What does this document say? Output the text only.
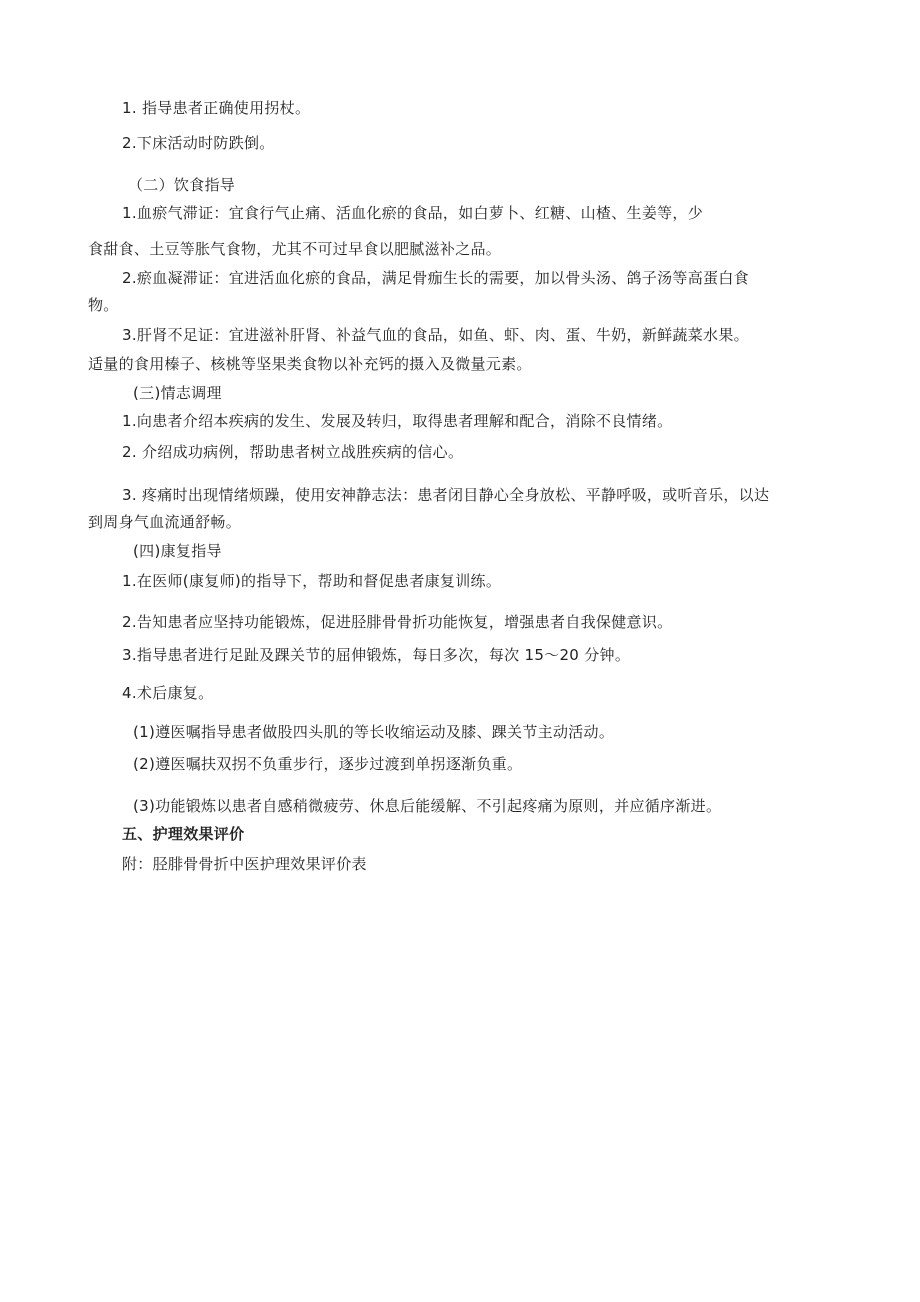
1. 指导患者正确使用拐杖。
2.下床活动时防跌倒。
（二）饮食指导
1.血瘀气滞证：宜食行气止痛、活血化瘀的食品，如白萝卜、红糖、山楂、生姜等，少
食甜食、土豆等胀气食物，尤其不可过早食以肥腻滋补之品。
2.瘀血凝滞证：宜进活血化瘀的食品，满足骨痂生长的需要，加以骨头汤、鸽子汤等高蛋白食
物。
3.肝肾不足证：宜进滋补肝肾、补益气血的食品，如鱼、虾、肉、蛋、牛奶，新鲜蔬菜水果。
适量的食用榛子、核桃等坚果类食物以补充钙的摄入及微量元素。
(三)情志调理
1.向患者介绍本疾病的发生、发展及转归，取得患者理解和配合，消除不良情绪。
2. 介绍成功病例，帮助患者树立战胜疾病的信心。
3. 疼痛时出现情绪烦躁，使用安神静志法：患者闭目静心全身放松、平静呼吸，或听音乐，以达
到周身气血流通舒畅。
(四)康复指导
1.在医师(康复师)的指导下，帮助和督促患者康复训练。
2.告知患者应坚持功能锻炼，促进胫腓骨骨折功能恢复，增强患者自我保健意识。
3.指导患者进行足趾及踝关节的屈伸锻炼，每日多次，每次 15～20 分钟。
4.术后康复。
(1)遵医嘱指导患者做股四头肌的等长收缩运动及膝、踝关节主动活动。
(2)遵医嘱扶双拐不负重步行，逐步过渡到单拐逐渐负重。
(3)功能锻炼以患者自感稍微疲劳、休息后能缓解、不引起疼痛为原则，并应循序渐进。
五、护理效果评价
附：胫腓骨骨折中医护理效果评价表
